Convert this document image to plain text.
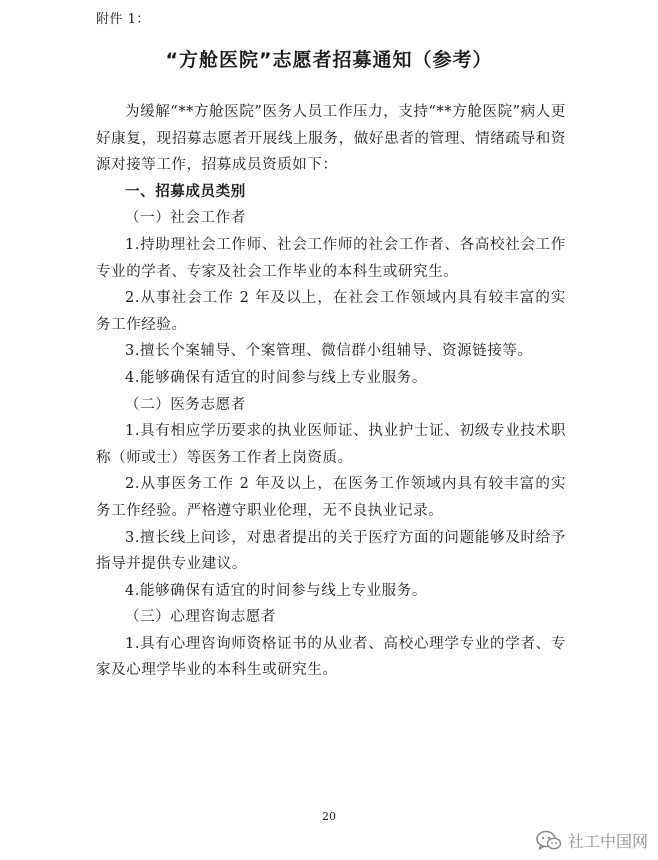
附件 1：
“方舱医院”志愿者招募通知（参考）

为缓解“**方舱医院”医务人员工作压力，支持“**方舱医院”病人更好康复，现招募志愿者开展线上服务，做好患者的管理、情绪疏导和资源对接等工作，招募成员资质如下：

一、招募成员类别

（一）社会工作者

1.持助理社会工作师、社会工作师的社会工作者、各高校社会工作专业的学者、专家及社会工作毕业的本科生或研究生。

2.从事社会工作 2 年及以上，在社会工作领域内具有较丰富的实务工作经验。

3.擅长个案辅导、个案管理、微信群小组辅导、资源链接等。

4.能够确保有适宜的时间参与线上专业服务。

（二）医务志愿者

1.具有相应学历要求的执业医师证、执业护士证、初级专业技术职称（师或士）等医务工作者上岗资质。

2.从事医务工作 2 年及以上，在医务工作领域内具有较丰富的实务工作经验。严格遵守职业伦理，无不良执业记录。

3.擅长线上问诊，对患者提出的关于医疗方面的问题能够及时给予指导并提供专业建议。

4.能够确保有适宜的时间参与线上专业服务。

（三）心理咨询志愿者

1.具有心理咨询师资格证书的从业者、高校心理学专业的学者、专家及心理学毕业的本科生或研究生。

20
社工中国网
